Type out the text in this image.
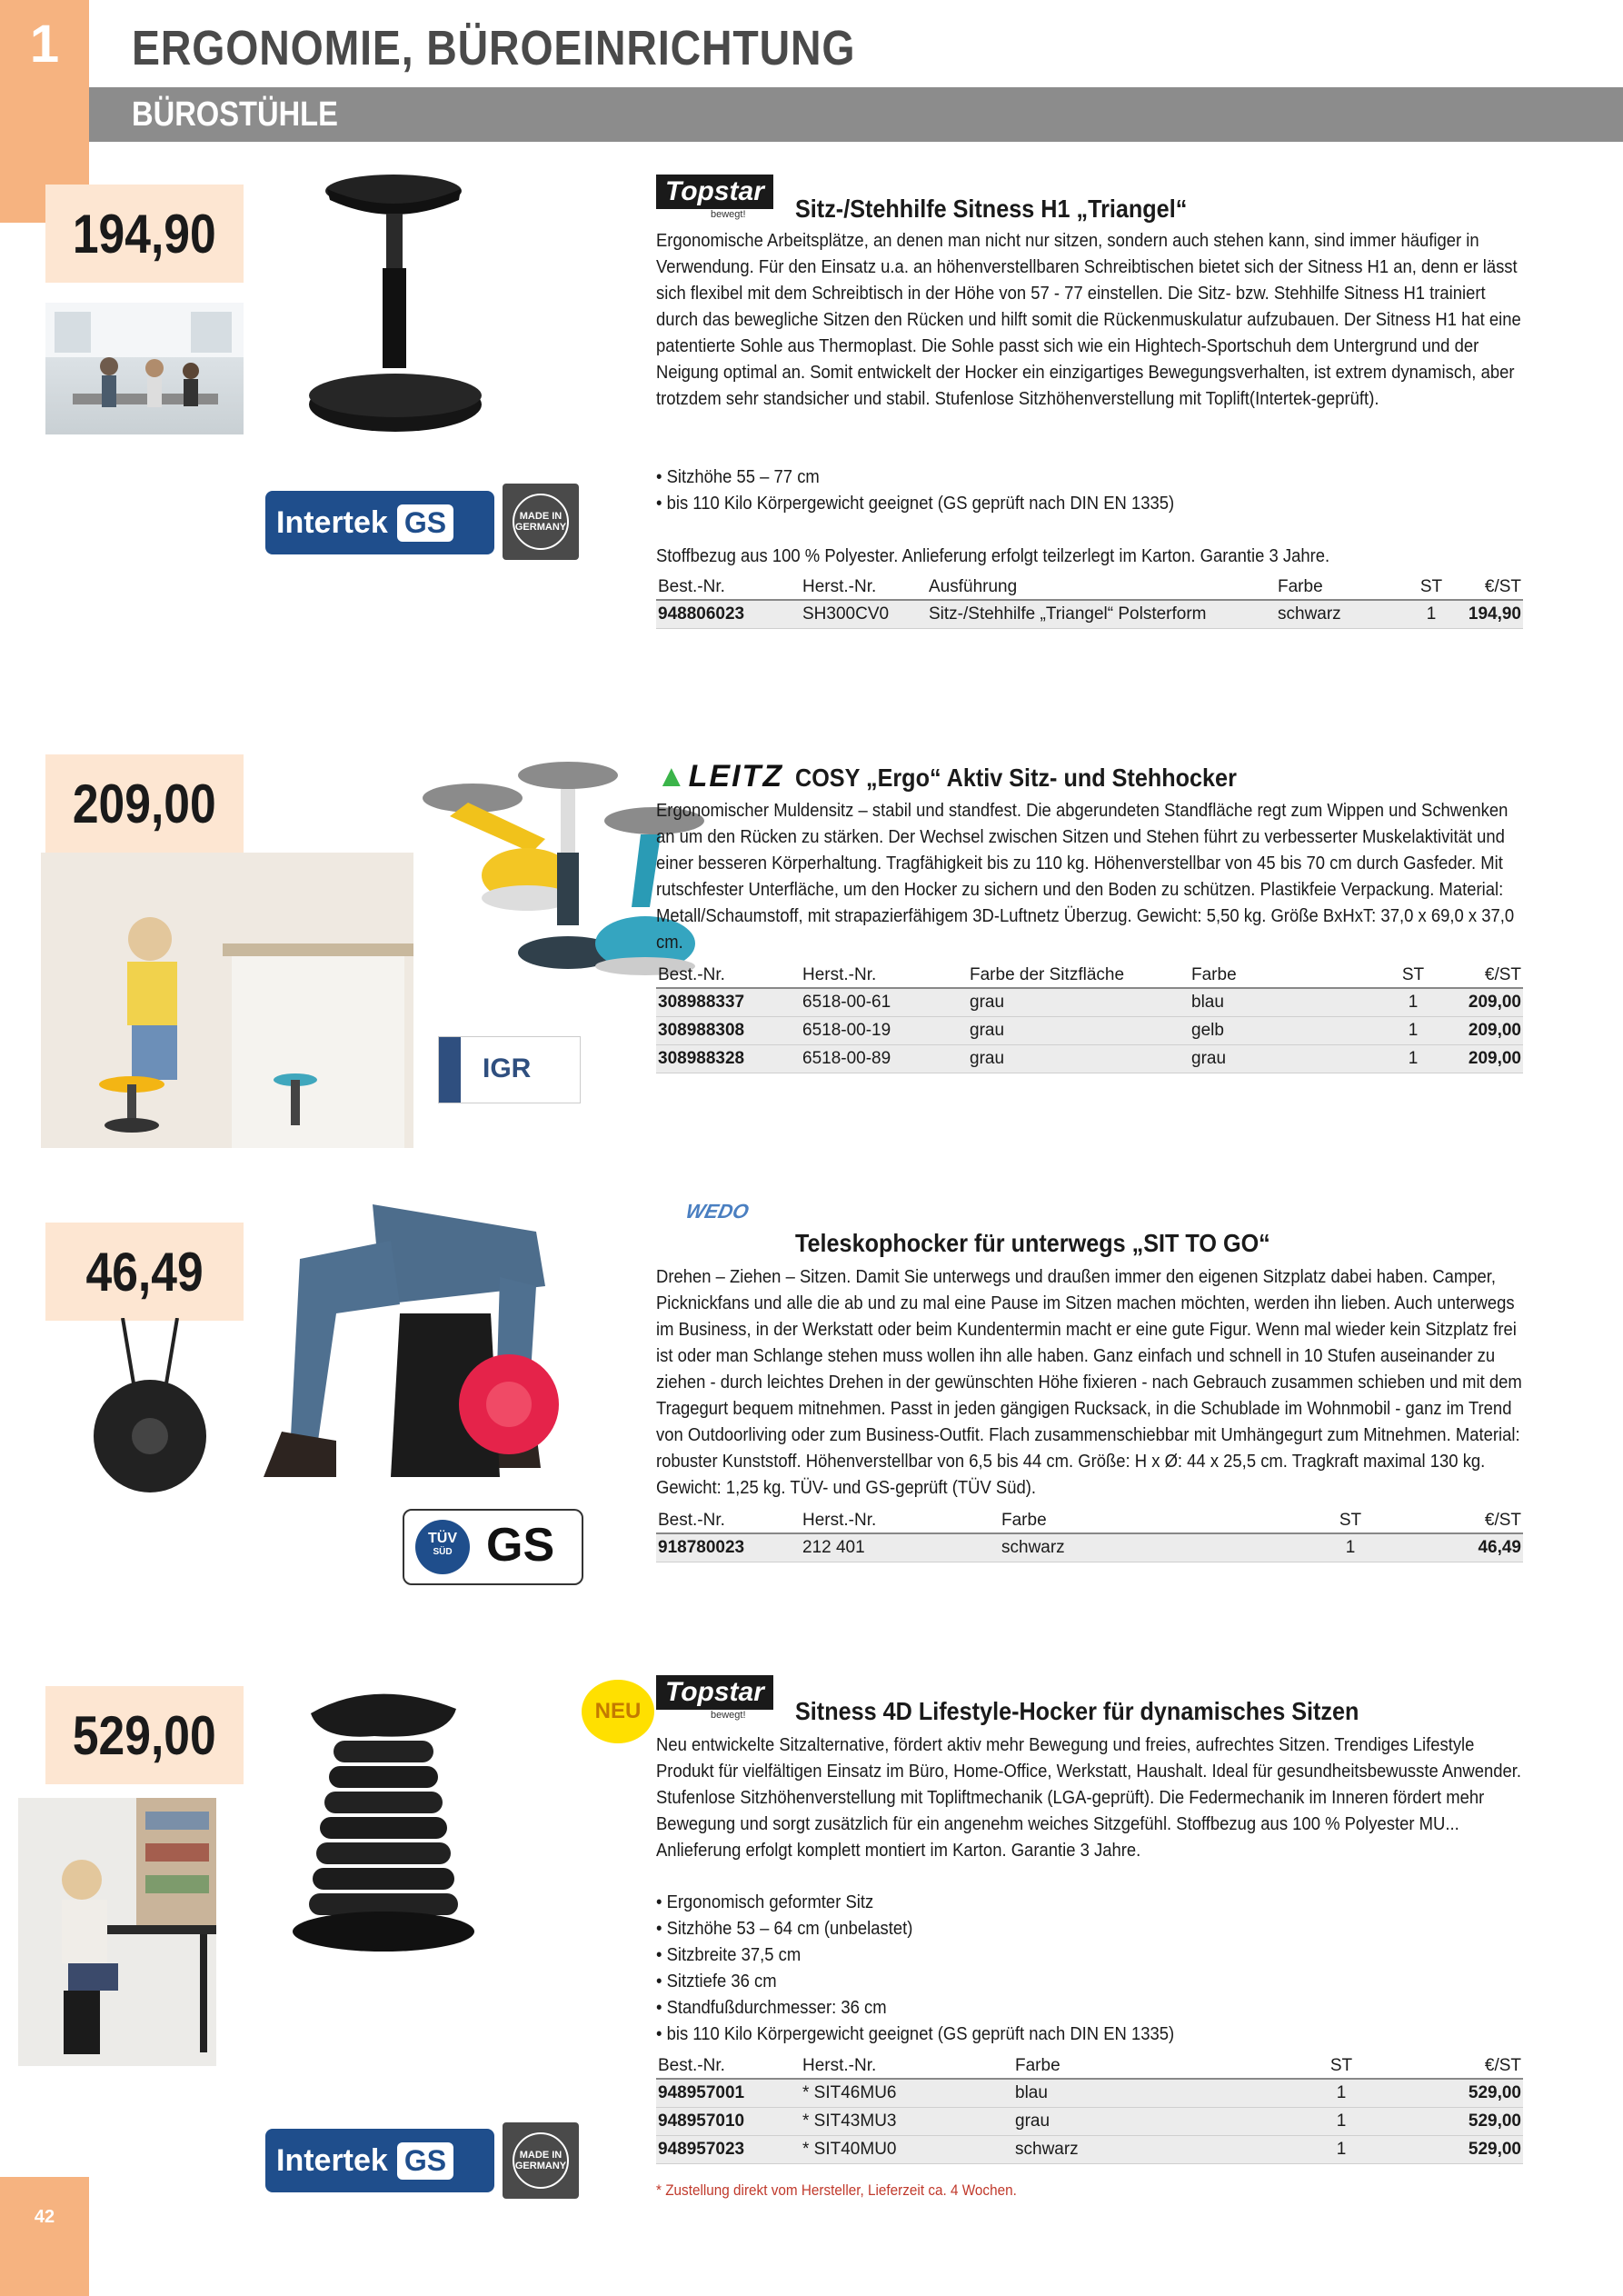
1	ERGONOMIE, BÜROEINRICHTUNG
BÜROSTÜHLE
194,90
Intertek GS	MADE IN GERMANY
Topstar
bewegt!	Sitz-/Stehhilfe Sitness H1 „Triangel“
Ergonomische Arbeitsplätze, an denen man nicht nur sitzen, sondern auch stehen kann, sind immer häufiger in Verwendung. Für den Einsatz u.a. an höhenverstellbaren Schreibtischen bietet sich der Sitness H1 an, denn er lässt sich flexibel mit dem Schreibtisch in der Höhe von 57 - 77 einstellen. Die Sitz- bzw. Stehhilfe Sitness H1 trainiert durch das bewegliche Sitzen den Rücken und hilft somit die Rückenmuskulatur aufzubauen. Der Sitness H1 hat eine patentierte Sohle aus Thermoplast. Die Sohle passt sich wie ein Hightech-Sportschuh dem Untergrund und der Neigung optimal an. Somit entwickelt der Hocker ein einzigartiges Bewegungsverhalten, ist extrem dynamisch, aber trotzdem sehr standsicher und stabil. Stufenlose Sitzhöhenverstellung mit Toplift(Intertek-geprüft).
• Sitzhöhe 55 – 77 cm
• bis 110 Kilo Körpergewicht geeignet (GS geprüft nach DIN EN 1335)
Stoffbezug aus 100 % Polyester. Anlieferung erfolgt teilzerlegt im Karton. Garantie 3 Jahre.
Best.-Nr.	Herst.-Nr.	Ausführung	Farbe	ST	€/ST
948806023	SH300CV0	Sitz-/Stehhilfe „Triangel“ Polsterform	schwarz	1	194,90
209,00
IGR
▲LEITZ COSY „Ergo“ Aktiv Sitz- und Stehhocker
Ergonomischer Muldensitz – stabil und standfest. Die abgerundeten Standfläche regt zum Wippen und Schwenken an um den Rücken zu stärken. Der Wechsel zwischen Sitzen und Stehen führt zu verbesserter Muskelaktivität und einer besseren Körperhaltung. Tragfähigkeit bis zu 110 kg. Höhenverstellbar von 45 bis 70 cm durch Gasfeder. Mit rutschfester Unterfläche, um den Hocker zu sichern und den Boden zu schützen. Plastikfeie Verpackung. Material: Metall/Schaumstoff, mit strapazierfähigem 3D-Luftnetz Überzug. Gewicht: 5,50 kg. Größe BxHxT: 37,0 x 69,0 x 37,0 cm.
Best.-Nr.	Herst.-Nr.	Farbe der Sitzfläche	Farbe	ST	€/ST
308988337	6518-00-61	grau	blau	1	209,00
308988308	6518-00-19	grau	gelb	1	209,00
308988328	6518-00-89	grau	grau	1	209,00
46,49
TÜV
SÜD GS
WEDO
Teleskophocker für unterwegs „SIT TO GO“
Drehen – Ziehen – Sitzen. Damit Sie unterwegs und draußen immer den eigenen Sitzplatz dabei haben. Camper, Picknickfans und alle die ab und zu mal eine Pause im Sitzen machen möchten, werden ihn lieben. Auch unterwegs im Business, in der Werkstatt oder beim Kundentermin macht er eine gute Figur. Wenn mal wieder kein Sitzplatz frei ist oder man Schlange stehen muss wollen ihn alle haben. Ganz einfach und schnell in 10 Stufen auseinander zu ziehen - durch leichtes Drehen in der gewünschten Höhe fixieren - nach Gebrauch zusammen schieben und mit dem Tragegurt bequem mitnehmen. Passt in jeden gängigen Rucksack, in die Schublade im Wohnmobil - ganz im Trend von Outdoorliving oder zum Business-Outfit. Flach zusammenschiebbar mit Umhängegurt zum Mitnehmen. Material: robuster Kunststoff. Höhenverstellbar von 6,5 bis 44 cm. Größe: H x Ø: 44 x 25,5 cm. Tragkraft maximal 130 kg. Gewicht: 1,25 kg. TÜV- und GS-geprüft (TÜV Süd).
Best.-Nr.	Herst.-Nr.	Farbe	ST	€/ST
918780023	212 401	schwarz	1	46,49
529,00
Intertek GS	MADE IN GERMANY
NEU
Topstar
bewegt!	Sitness 4D Lifestyle-Hocker für dynamisches Sitzen
Neu entwickelte Sitzalternative, fördert aktiv mehr Bewegung und freies, aufrechtes Sitzen. Trendiges Lifestyle Produkt für vielfältigen Einsatz im Büro, Home-Office, Werkstatt, Haushalt. Ideal für gesundheitsbewusste Anwender. Stufenlose Sitzhöhenverstellung mit Topliftmechanik (LGA-geprüft). Die Federmechanik im Inneren fördert mehr Bewegung und sorgt zusätzlich für ein angenehm weiches Sitzgefühl. Stoffbezug aus 100 % Polyester MU... Anlieferung erfolgt komplett montiert im Karton. Garantie 3 Jahre.
• Ergonomisch geformter Sitz
• Sitzhöhe 53 – 64 cm (unbelastet)
• Sitzbreite 37,5 cm
• Sitztiefe 36 cm
• Standfußdurchmesser: 36 cm
• bis 110 Kilo Körpergewicht geeignet (GS geprüft nach DIN EN 1335)
Best.-Nr.	Herst.-Nr.	Farbe	ST	€/ST
948957001	* SIT46MU6	blau	1	529,00
948957010	* SIT43MU3	grau	1	529,00
948957023	* SIT40MU0	schwarz	1	529,00
* Zustellung direkt vom Hersteller, Lieferzeit ca. 4 Wochen.
42
